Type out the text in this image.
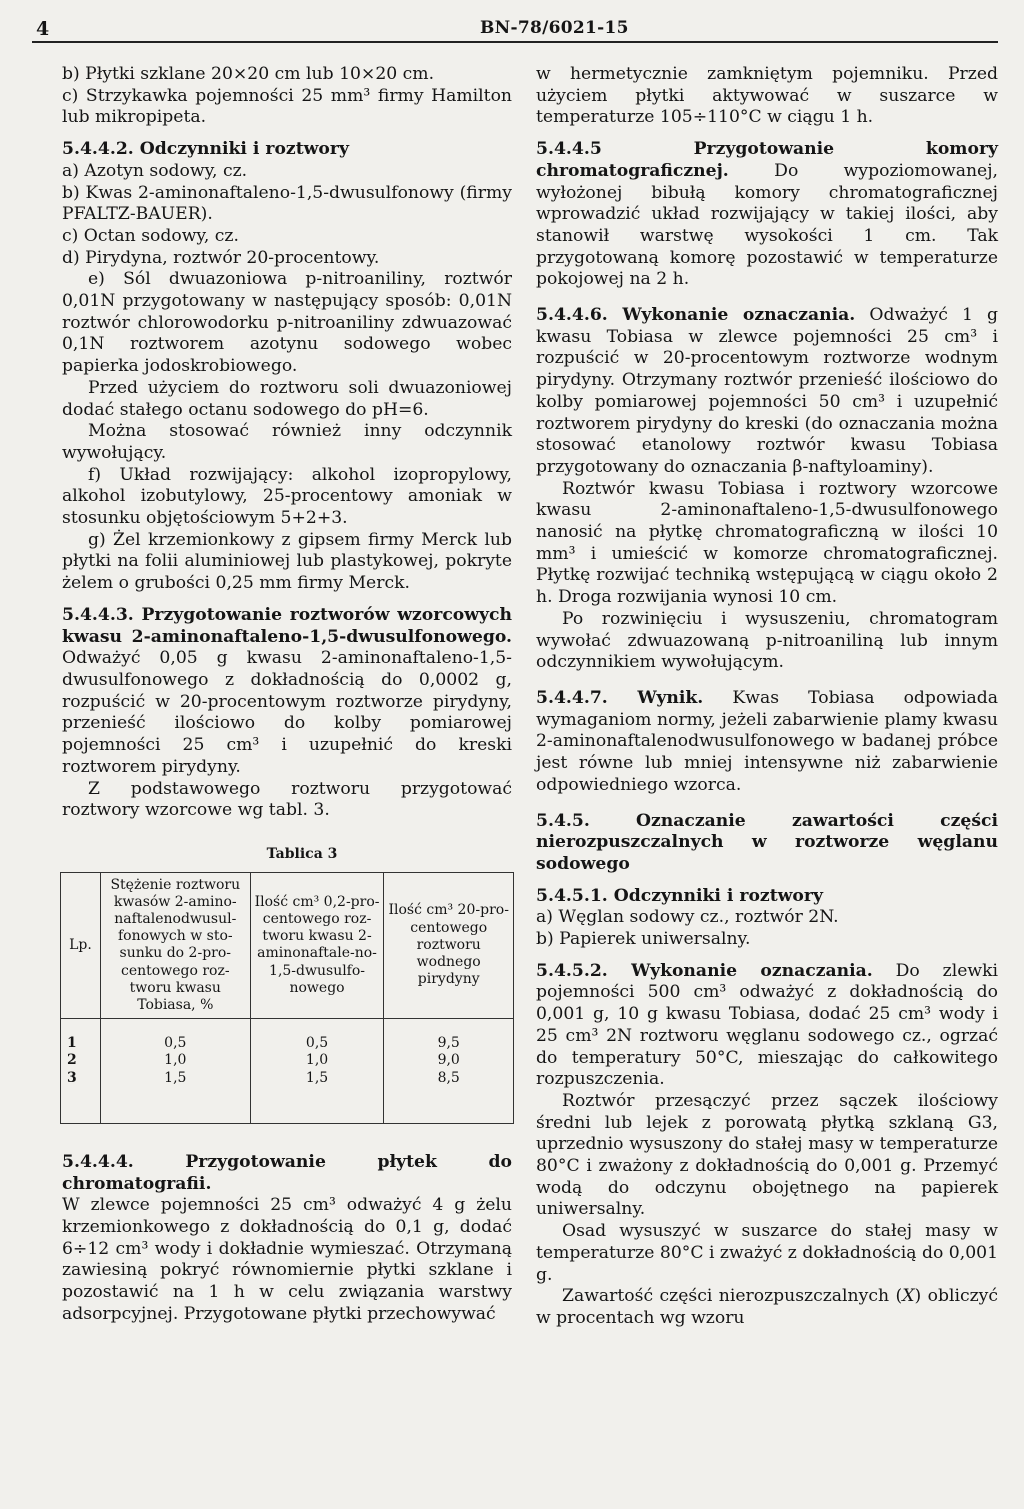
4	BN-78/6021-15

b) Płytki szklane 20×20 cm lub 10×20 cm.

c) Strzykawka pojemności 25 mm³ firmy Hamilton lub mikropipeta.

5.4.4.2. Odczynniki i roztwory

a) Azotyn sodowy, cz.

b) Kwas 2-aminonaftaleno-1,5-dwusulfonowy (firmy PFALTZ-BAUER).

c) Octan sodowy, cz.

d) Pirydyna, roztwór 20-procentowy.

e) Sól dwuazoniowa p-nitroaniliny, roztwór 0,01N przygotowany w następujący sposób: 0,01N roztwór chlorowodorku p-nitroaniliny zdwuazować 0,1N roztworem azotynu sodowego wobec papierka jodoskrobiowego.

Przed użyciem do roztworu soli dwuazoniowej dodać stałego octanu sodowego do pH=6.

Można stosować również inny odczynnik wywołujący.

f) Układ rozwijający: alkohol izopropylowy, alkohol izobutylowy, 25-procentowy amoniak w stosunku objętościowym 5+2+3.

g) Żel krzemionkowy z gipsem firmy Merck lub płytki na folii aluminiowej lub plastykowej, pokryte żelem o grubości 0,25 mm firmy Merck.

5.4.4.3. Przygotowanie roztworów wzorcowych kwasu 2-aminonaftaleno-1,5-dwusulfonowego. Odważyć 0,05 g kwasu 2-aminonaftaleno-1,5-dwusulfonowego z dokładnością do 0,0002 g, rozpuścić w 20-procentowym roztworze pirydyny, przenieść ilościowo do kolby pomiarowej pojemności 25 cm³ i uzupełnić do kreski roztworem pirydyny.

Z podstawowego roztworu przygotować roztwory wzorcowe wg tabl. 3.

Tablica 3
Lp.	Stężenie roztworu kwasów 2-amino-naftalenodwusul-fonowych w sto-sunku do 2-pro-centowego roz-tworu kwasu Tobiasa, %	Ilość cm³ 0,2-pro-centowego roz-tworu kwasu 2-aminonaftale-no-1,5-dwusulfo-nowego	Ilość cm³ 20-pro-centowego roztworu wodnego pirydyny
1	0,5	0,5	9,5
2	1,0	1,0	9,0
3	1,5	1,5	8,5

5.4.4.4. Przygotowanie płytek do chromatografii.

W zlewce pojemności 25 cm³ odważyć 4 g żelu krzemionkowego z dokładnością do 0,1 g, dodać 6÷12 cm³ wody i dokładnie wymieszać. Otrzymaną zawiesiną pokryć równomiernie płytki szklane i pozostawić na 1 h w celu związania warstwy adsorpcyjnej. Przygotowane płytki przechowywać

w hermetycznie zamkniętym pojemniku. Przed użyciem płytki aktywować w suszarce w temperaturze 105÷110°C w ciągu 1 h.

5.4.4.5 Przygotowanie komory chromatograficznej.	Do wypoziomowanej, wyłożonej bibułą komory chromatograficznej wprowadzić układ rozwijający w takiej ilości, aby stanowił warstwę wysokości 1 cm. Tak przygotowaną komorę pozostawić w temperaturze pokojowej na 2 h.

5.4.4.6. Wykonanie oznaczania. Odważyć 1 g kwasu Tobiasa w zlewce pojemności 25 cm³ i rozpuścić w 20-procentowym roztworze wodnym pirydyny. Otrzymany roztwór przenieść ilościowo do kolby pomiarowej pojemności 50 cm³ i uzupełnić roztworem pirydyny do kreski (do oznaczania można stosować etanolowy roztwór kwasu Tobiasa przygotowany do oznaczania β-naftyloaminy).

Roztwór kwasu Tobiasa i roztwory wzorcowe kwasu 2-aminonaftaleno-1,5-dwusulfonowego nanosić na płytkę chromatograficzną w ilości 10 mm³ i umieścić w komorze chromatograficznej. Płytkę rozwijać techniką wstępującą w ciągu około 2 h. Droga rozwijania wynosi 10 cm.

Po rozwinięciu i wysuszeniu, chromatogram wywołać zdwuazowaną p-nitroaniliną lub innym odczynnikiem wywołującym.

5.4.4.7. Wynik. Kwas Tobiasa odpowiada wymaganiom normy, jeżeli zabarwienie plamy kwasu 2-aminonaftalenodwusulfonowego w badanej próbce jest równe lub mniej intensywne niż zabarwienie odpowiedniego wzorca.

5.4.5. Oznaczanie zawartości części nierozpuszczalnych w roztworze węglanu sodowego

5.4.5.1. Odczynniki i roztwory

a) Węglan sodowy cz., roztwór 2N.

b) Papierek uniwersalny.

5.4.5.2. Wykonanie oznaczania. Do zlewki pojemności 500 cm³ odważyć z dokładnością do 0,001 g, 10 g kwasu Tobiasa, dodać 25 cm³ wody i 25 cm³ 2N roztworu węglanu sodowego cz., ogrzać do temperatury 50°C, mieszając do całkowitego rozpuszczenia.

Roztwór przesączyć przez sączek ilościowy średni lub lejek z porowatą płytką szklaną G3, uprzednio wysuszony do stałej masy w temperaturze 80°C i zważony z dokładnością do 0,001 g. Przemyć wodą do odczynu obojętnego na papierek uniwersalny.

Osad wysuszyć w suszarce do stałej masy w temperaturze 80°C i zważyć z dokładnością do 0,001 g.

Zawartość części nierozpuszczalnych (X) obliczyć w procentach wg wzoru
